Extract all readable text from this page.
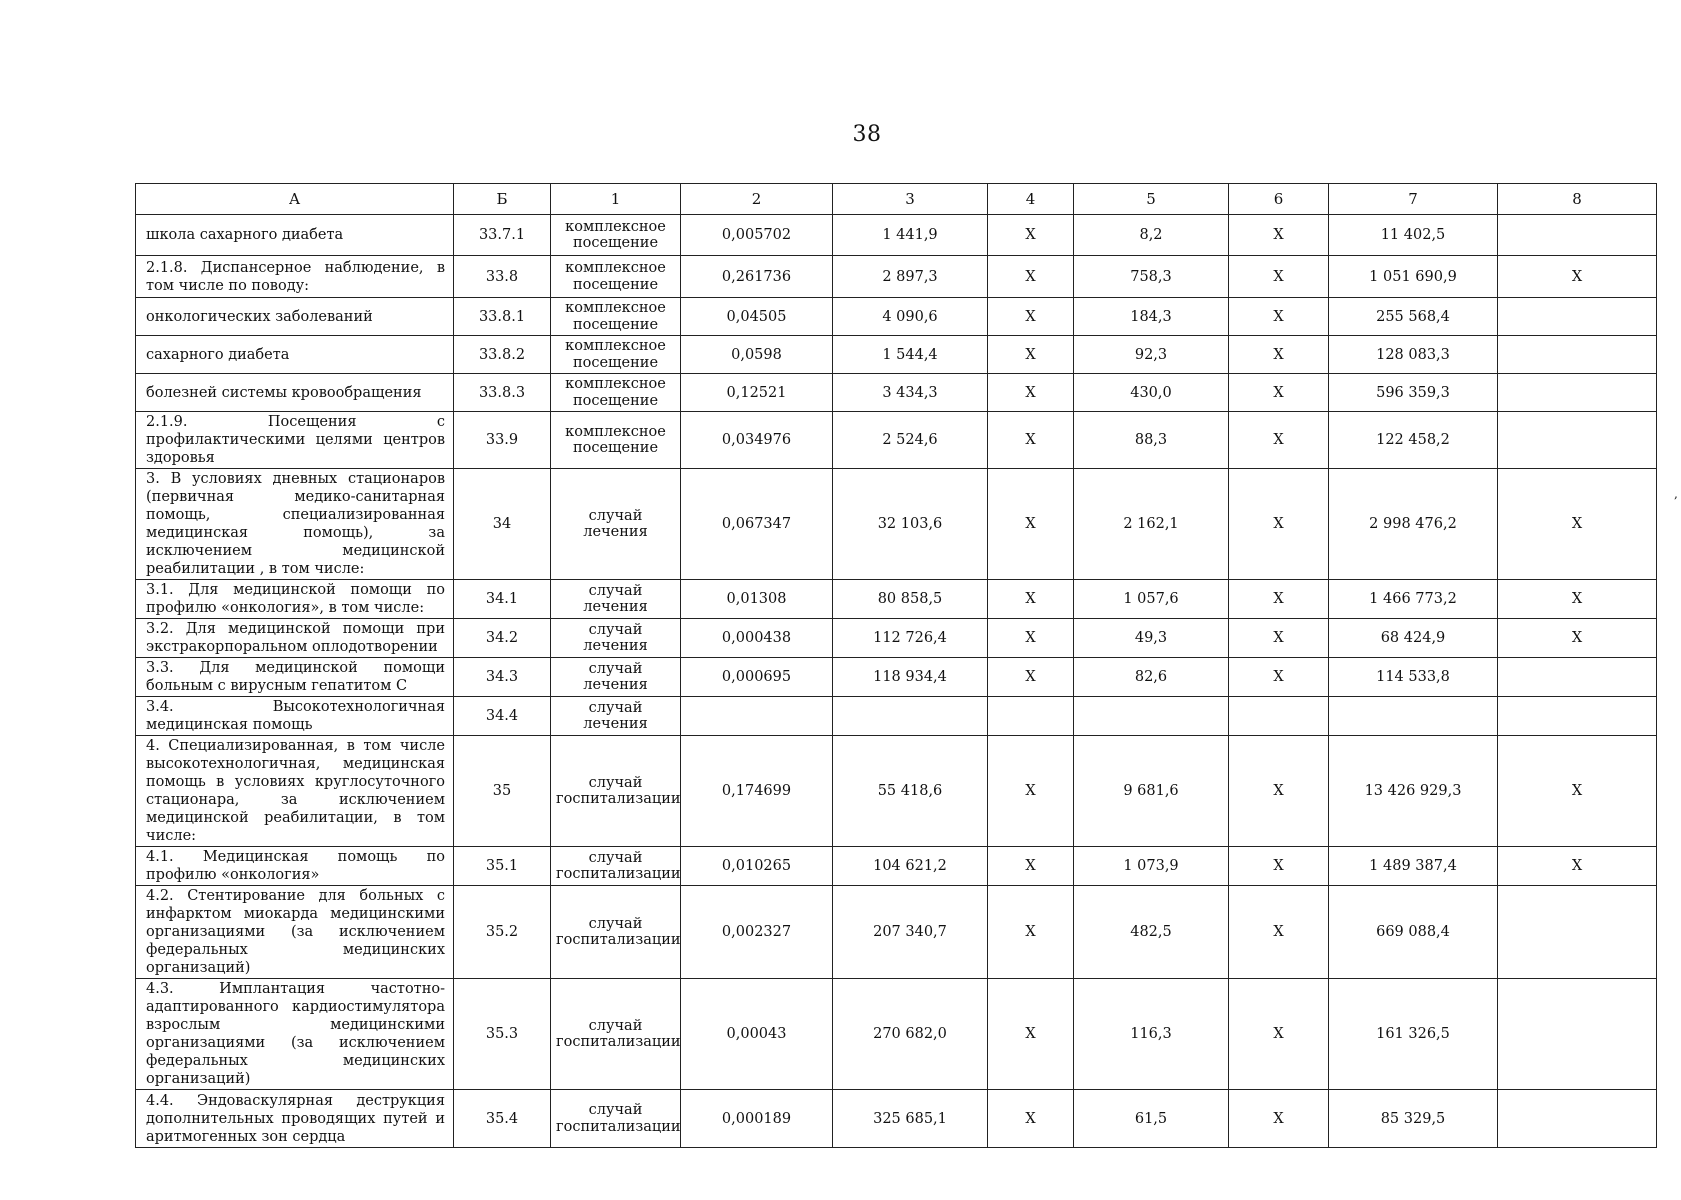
38
,
А	Б	1	2	3	4	5	6	7	8
школа сахарного диабета	33.7.1	комплексное посещение	0,005702	1 441,9	Х	8,2	Х	11 402,5	
2.1.8. Диспансерное наблюдение, в том числе по поводу:	33.8	комплексное посещение	0,261736	2 897,3	Х	758,3	Х	1 051 690,9	Х
онкологических заболеваний	33.8.1	комплексное посещение	0,04505	4 090,6	Х	184,3	Х	255 568,4	
сахарного диабета	33.8.2	комплексное посещение	0,0598	1 544,4	Х	92,3	Х	128 083,3	
болезней системы кровообращения	33.8.3	комплексное посещение	0,12521	3 434,3	Х	430,0	Х	596 359,3	
2.1.9. Посещения с профилактическими целями центров здоровья	33.9	комплексное посещение	0,034976	2 524,6	Х	88,3	Х	122 458,2	
3. В условиях дневных стационаров (первичная медико-санитарная помощь, специализированная медицинская помощь), за исключением медицинской реабилитации , в том числе:	34	случай лечения	0,067347	32 103,6	Х	2 162,1	Х	2 998 476,2	Х
3.1. Для медицинской помощи по профилю «онкология», в том числе:	34.1	случай лечения	0,01308	80 858,5	Х	1 057,6	Х	1 466 773,2	Х
3.2. Для медицинской помощи при экстракорпоральном оплодотворении	34.2	случай лечения	0,000438	112 726,4	Х	49,3	Х	68 424,9	Х
3.3. Для медицинской помощи больным с вирусным гепатитом С	34.3	случай лечения	0,000695	118 934,4	Х	82,6	Х	114 533,8	
3.4. Высокотехнологичная медицинская помощь	34.4	случай лечения							
4. Специализированная, в том числе высокотехнологичная, медицинская помощь в условиях круглосуточного стационара, за исключением медицинской реабилитации, в том числе:	35	случай госпитализации	0,174699	55 418,6	Х	9 681,6	Х	13 426 929,3	Х
4.1. Медицинская помощь по профилю «онкология»	35.1	случай госпитализации	0,010265	104 621,2	Х	1 073,9	Х	1 489 387,4	Х
4.2. Стентирование для больных с инфарктом миокарда медицинскими организациями (за исключением федеральных медицинских организаций)	35.2	случай госпитализации	0,002327	207 340,7	Х	482,5	Х	669 088,4	
4.3. Имплантация частотно-адаптированного кардиостимулятора взрослым медицинскими организациями (за исключением федеральных медицинских организаций)	35.3	случай госпитализации	0,00043	270 682,0	Х	116,3	Х	161 326,5	
4.4. Эндоваскулярная деструкция дополнительных проводящих путей и аритмогенных зон сердца	35.4	случай госпитализации	0,000189	325 685,1	Х	61,5	Х	85 329,5	
